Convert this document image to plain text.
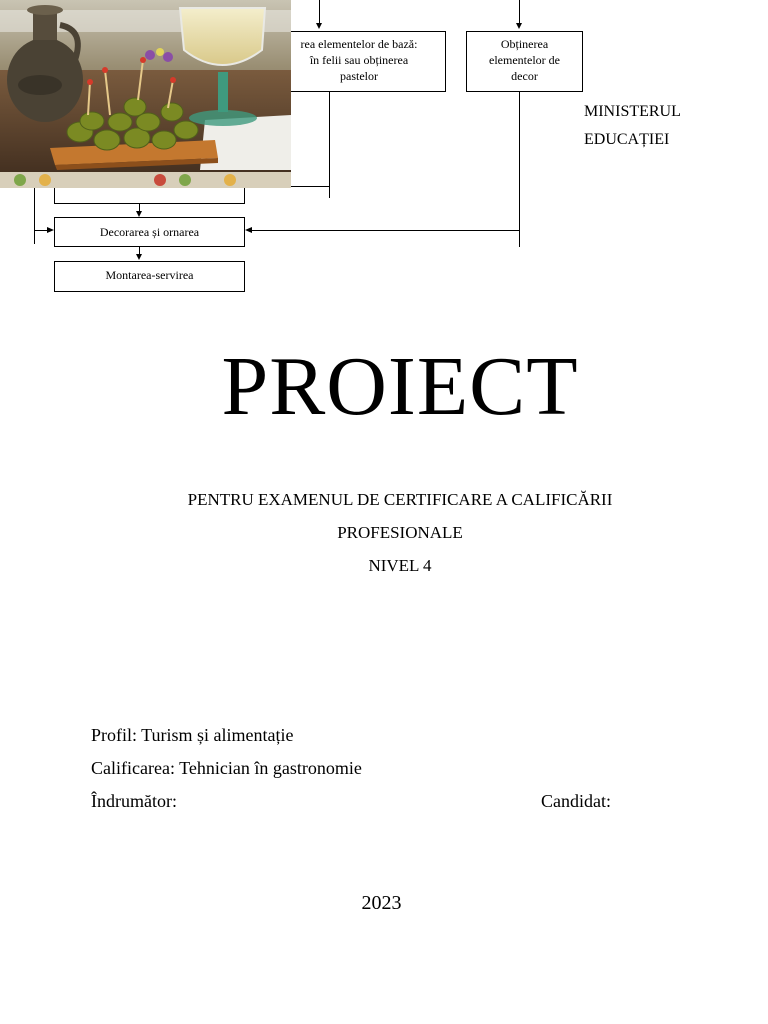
rea elementelor de bază:
în felii sau obținerea
pastelor
Obținerea
elementelor de
decor
Decorarea și ornarea
Montarea-servirea
MINISTERUL
EDUCAȚIEI
PROIECT
PENTRU EXAMENUL DE CERTIFICARE A CALIFICĂRII
PROFESIONALE
NIVEL 4
Profil: Turism și alimentație
Calificarea: Tehnician în gastronomie
Îndrumător:	Candidat:
2023
